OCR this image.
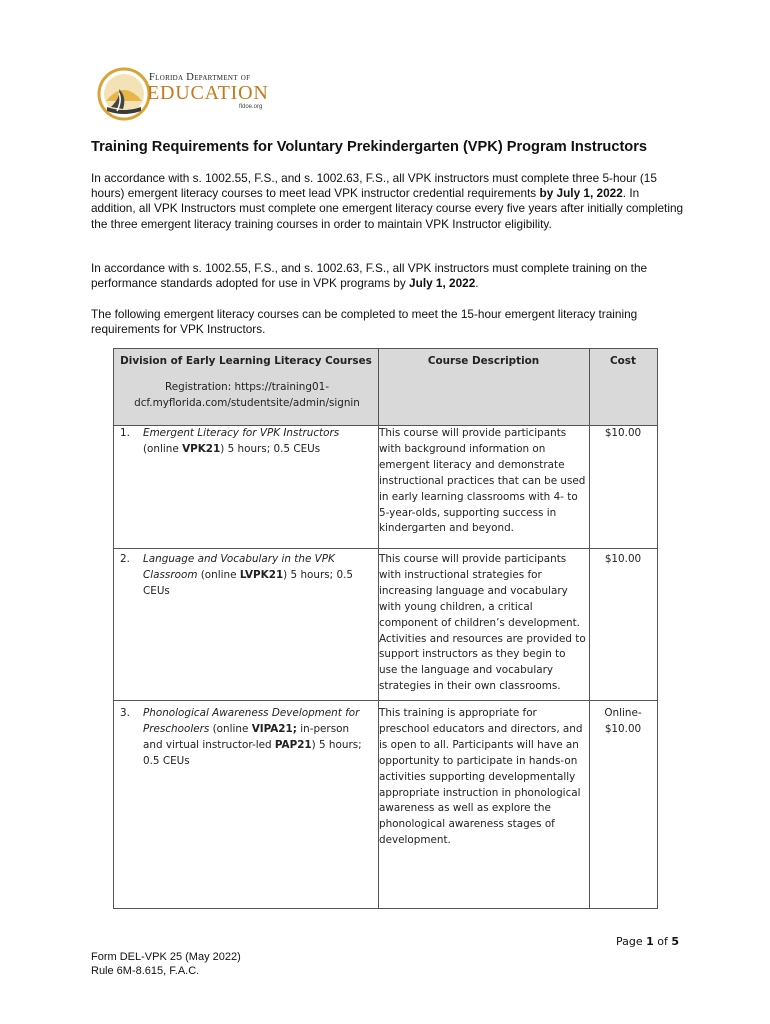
Florida Department of
EDUCATION
fldoe.org
Training Requirements for Voluntary Prekindergarten (VPK) Program Instructors
In accordance with s. 1002.55, F.S., and s. 1002.63, F.S., all VPK instructors must complete three 5-hour (15 hours) emergent literacy courses to meet lead VPK instructor credential requirements by July 1, 2022. In addition, all VPK Instructors must complete one emergent literacy course every five years after initially completing the three emergent literacy training courses in order to maintain VPK Instructor eligibility.
In accordance with s. 1002.55, F.S., and s. 1002.63, F.S., all VPK instructors must complete training on the performance standards adopted for use in VPK programs by July 1, 2022.
The following emergent literacy courses can be completed to meet the 15-hour emergent literacy training requirements for VPK Instructors.
Division of Early Learning Literacy Courses
Registration: https://training01-dcf.myflorida.com/studentsite/admin/signin
Course Description	Cost
1. Emergent Literacy for VPK Instructors (online VPK21) 5 hours; 0.5 CEUs
This course will provide participants with background information on emergent literacy and demonstrate instructional practices that can be used in early learning classrooms with 4- to 5-year-olds, supporting success in kindergarten and beyond.
$10.00
2. Language and Vocabulary in the VPK Classroom (online LVPK21) 5 hours; 0.5 CEUs
This course will provide participants with instructional strategies for increasing language and vocabulary with young children, a critical component of children’s development. Activities and resources are provided to support instructors as they begin to use the language and vocabulary strategies in their own classrooms.
$10.00
3. Phonological Awareness Development for Preschoolers (online VIPA21; in-person and virtual instructor-led PAP21) 5 hours; 0.5 CEUs
This training is appropriate for preschool educators and directors, and is open to all. Participants will have an opportunity to participate in hands-on activities supporting developmentally appropriate instruction in phonological awareness as well as explore the phonological awareness stages of development.
Online-
$10.00
Page 1 of 5
Form DEL-VPK 25 (May 2022)
Rule 6M-8.615, F.A.C.
